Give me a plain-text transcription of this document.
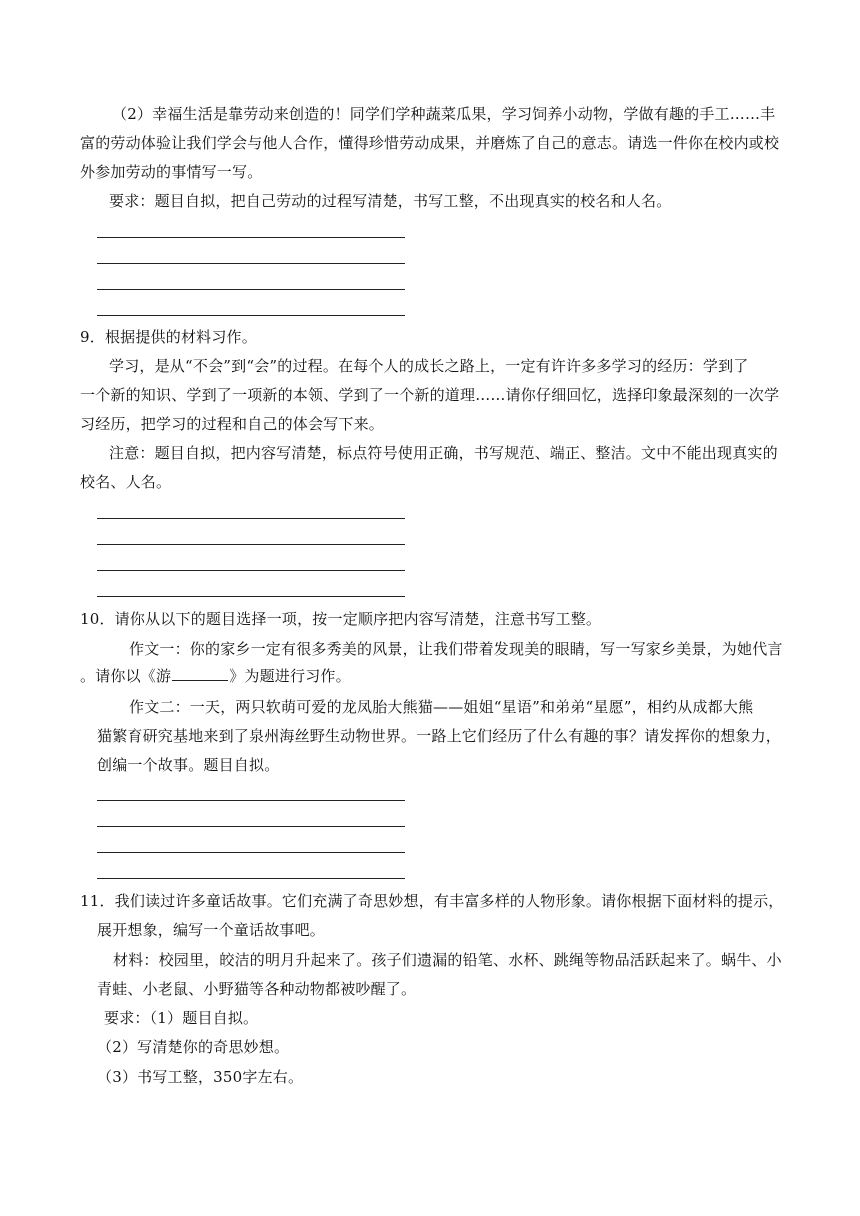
（2）幸福生活是靠劳动来创造的！同学们学种蔬菜瓜果，学习饲养小动物，学做有趣的手工……丰
富的劳动体验让我们学会与他人合作，懂得珍惜劳动成果，并磨炼了自己的意志。请选一件你在校内或校
外参加劳动的事情写一写。
要求：题目自拟，把自己劳动的过程写清楚，书写工整，不出现真实的校名和人名。
9．根据提供的材料习作。
学习，是从“不会”到“会”的过程。在每个人的成长之路上，一定有许许多多学习的经历：学到了
一个新的知识、学到了一项新的本领、学到了一个新的道理……请你仔细回忆，选择印象最深刻的一次学
习经历，把学习的过程和自己的体会写下来。
注意：题目自拟，把内容写清楚，标点符号使用正确，书写规范、端正、整洁。文中不能出现真实的
校名、人名。
10．请你从以下的题目选择一项，按一定顺序把内容写清楚，注意书写工整。
作文一：你的家乡一定有很多秀美的风景，让我们带着发现美的眼睛，写一写家乡美景，为她代言
。请你以《游	》为题进行习作。
作文二：一天，两只软萌可爱的龙凤胎大熊猫——姐姐“星语”和弟弟“星愿”，相约从成都大熊
猫繁育研究基地来到了泉州海丝野生动物世界。一路上它们经历了什么有趣的事？请发挥你的想象力，
创编一个故事。题目自拟。
11．我们读过许多童话故事。它们充满了奇思妙想，有丰富多样的人物形象。请你根据下面材料的提示，
展开想象，编写一个童话故事吧。
材料：校园里，皎洁的明月升起来了。孩子们遗漏的铅笔、水杯、跳绳等物品活跃起来了。蜗牛、小
青蛙、小老鼠、小野猫等各种动物都被吵醒了。
要求：（1）题目自拟。
（2）写清楚你的奇思妙想。
（3）书写工整，350字左右。
